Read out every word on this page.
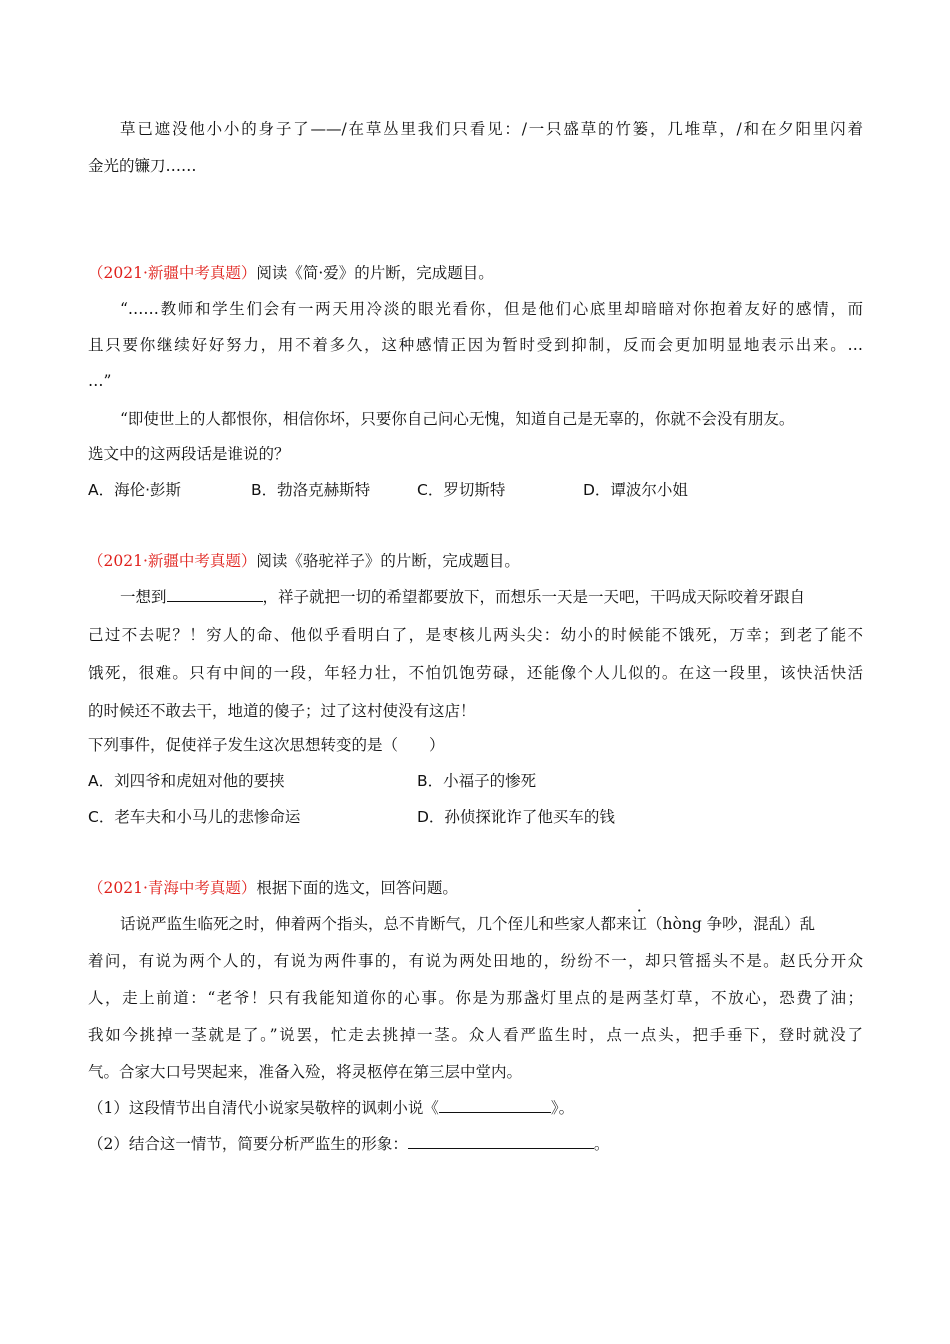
草已遮没他小小的身子了——/在草丛里我们只看见：/一只盛草的竹篓，几堆草，/和在夕阳里闪着
金光的镰刀……
（2021·新疆中考真题）阅读《简·爱》的片断，完成题目。
“……教师和学生们会有一两天用冷淡的眼光看你，但是他们心底里却暗暗对你抱着友好的感情，而
且只要你继续好好努力，用不着多久，这种感情正因为暂时受到抑制，反而会更加明显地表示出来。…
…”
“即使世上的人都恨你，相信你坏，只要你自己问心无愧，知道自己是无辜的，你就不会没有朋友。
选文中的这两段话是谁说的？
A．海伦·彭斯	B．勃洛克赫斯特	C．罗切斯特	D．谭波尔小姐
（2021·新疆中考真题）阅读《骆驼祥子》的片断，完成题目。
一想到	，祥子就把一切的希望都要放下，而想乐一天是一天吧，干吗成天际咬着牙跟自
己过不去呢？！穷人的命、他似乎看明白了，是枣核儿两头尖：幼小的时候能不饿死，万幸；到老了能不
饿死，很难。只有中间的一段，年轻力壮，不怕饥饱劳碌，还能像个人儿似的。在这一段里，该快活快活
的时候还不敢去干，地道的傻子；过了这村使没有这店！
下列事件，促使祥子发生这次思想转变的是（　　）
A．刘四爷和虎妞对他的要挟	B．小福子的惨死
C．老车夫和小马儿的悲惨命运	D．孙侦探讹诈了他买车的钱
（2021·青海中考真题）根据下面的选文，回答问题。
话说严监生临死之时，伸着两个指头，总不肯断气，几个侄儿和些家人都来讧（hòng 争吵，混乱）乱
着问，有说为两个人的，有说为两件事的，有说为两处田地的，纷纷不一，却只管摇头不是。赵氏分开众
人，走上前道：“老爷！只有我能知道你的心事。你是为那盏灯里点的是两茎灯草，不放心，恐费了油；
我如今挑掉一茎就是了。”说罢，忙走去挑掉一茎。众人看严监生时，点一点头，把手垂下，登时就没了
气。合家大口号哭起来，准备入殓，将灵柩停在第三层中堂内。
（1）这段情节出自清代小说家吴敬梓的讽刺小说《	》。
（2）结合这一情节，简要分析严监生的形象：	。
